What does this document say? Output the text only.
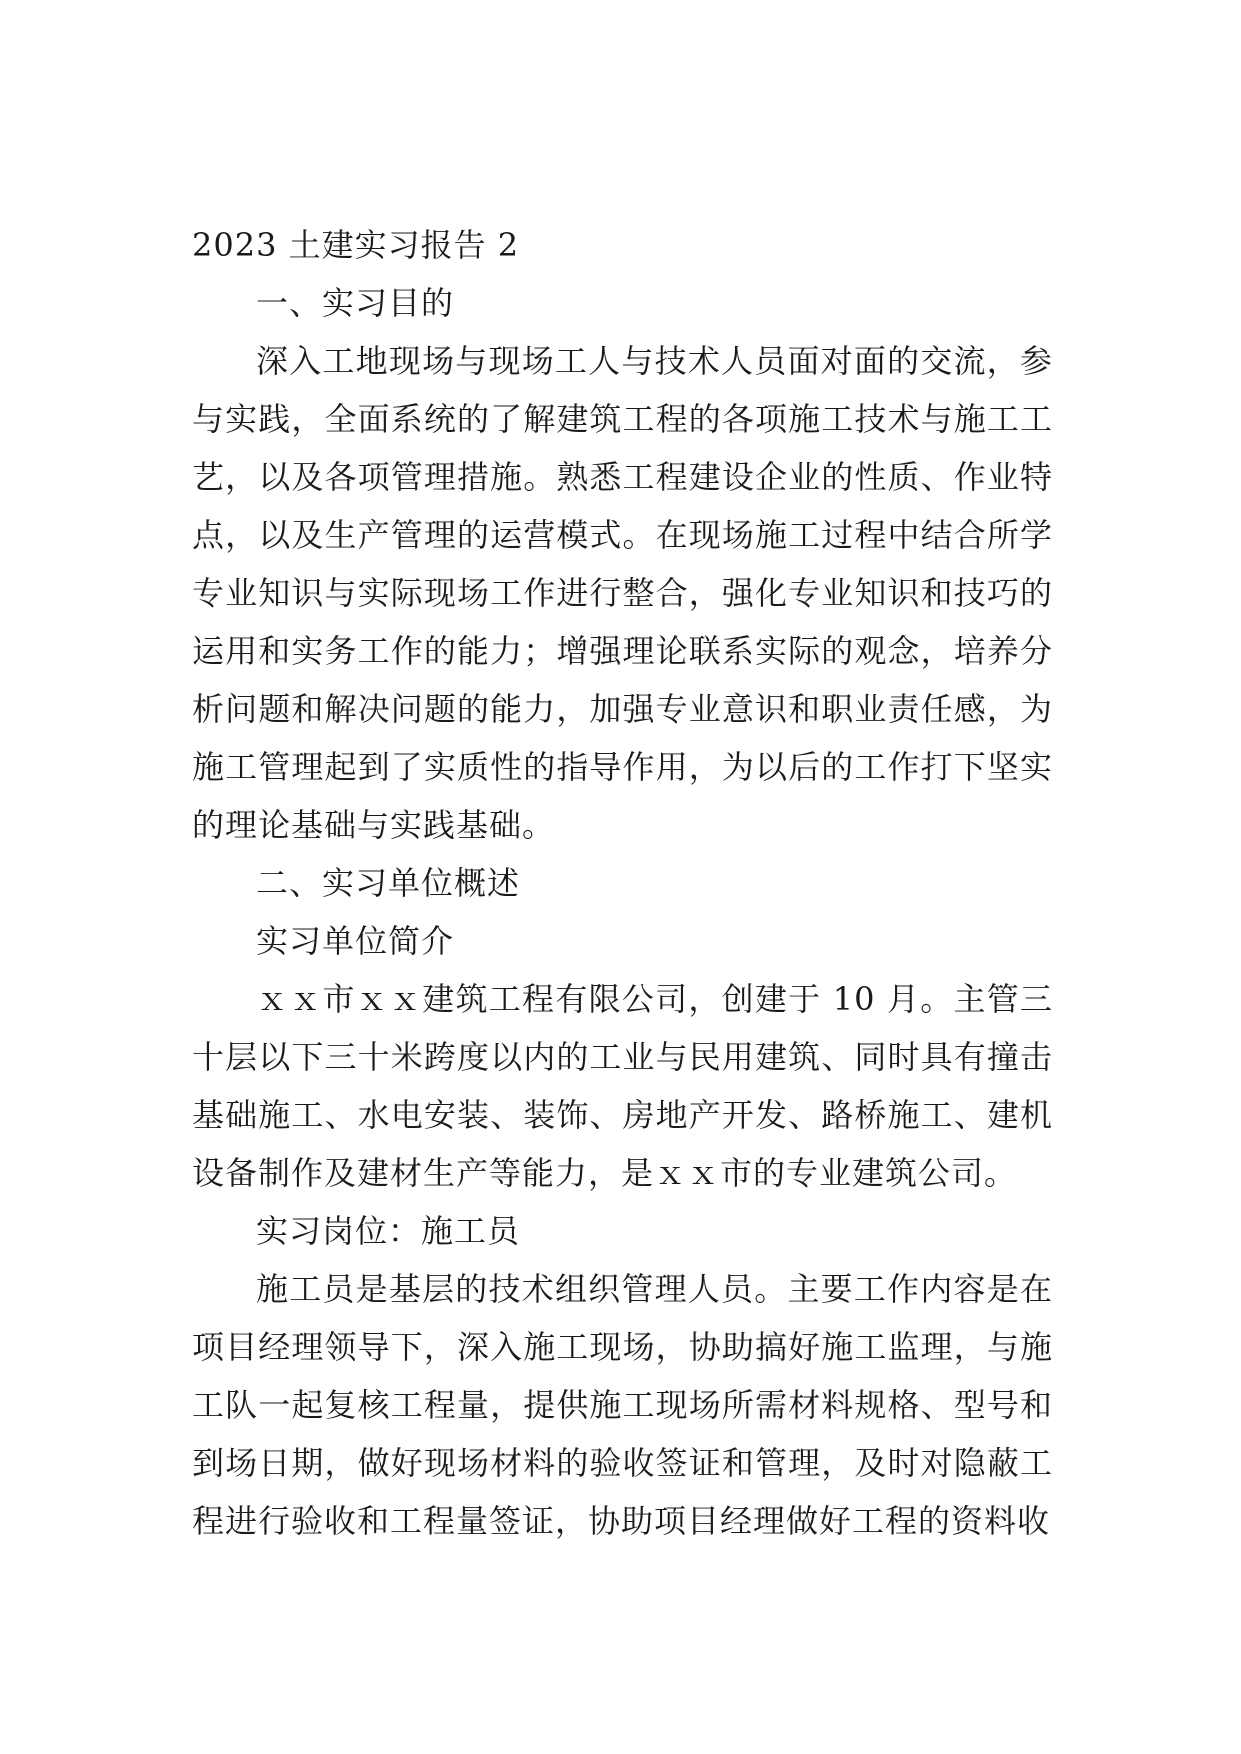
2023 土建实习报告 2
一、实习目的

深入工地现场与现场工人与技术人员面对面的交流，参与实践，全面系统的了解建筑工程的各项施工技术与施工工艺，以及各项管理措施。熟悉工程建设企业的性质、作业特点，以及生产管理的运营模式。在现场施工过程中结合所学专业知识与实际现场工作进行整合，强化专业知识和技巧的运用和实务工作的能力；增强理论联系实际的观念，培养分析问题和解决问题的能力，加强专业意识和职业责任感，为施工管理起到了实质性的指导作用，为以后的工作打下坚实的理论基础与实践基础。

二、实习单位概述
实习单位简介

ｘｘ市ｘｘ建筑工程有限公司，创建于 10 月。主管三十层以下三十米跨度以内的工业与民用建筑、同时具有撞击基础施工、水电安装、装饰、房地产开发、路桥施工、建机设备制作及建材生产等能力，是ｘｘ市的专业建筑公司。

实习岗位：施工员

施工员是基层的技术组织管理人员。主要工作内容是在项目经理领导下，深入施工现场，协助搞好施工监理，与施工队一起复核工程量，提供施工现场所需材料规格、型号和到场日期，做好现场材料的验收签证和管理，及时对隐蔽工程进行验收和工程量签证，协助项目经理做好工程的资料收
